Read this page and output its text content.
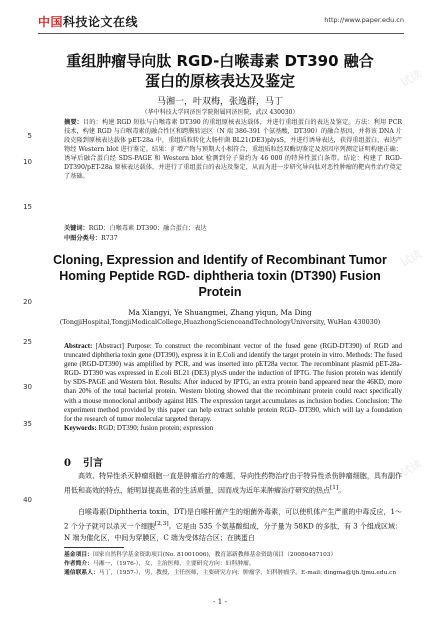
试读
试读
试读
中国科技论文在线	http://www.paper.edu.cn
5
10
15
20
25
30
35
40
重组肿瘤导向肽 RGD-白喉毒素 DT390 融合
蛋白的原核表达及鉴定
马湘一，叶双梅，张逸群，马丁
（华中科技大学同济医学院附属同济医院，武汉 430030）
摘要：目的：构建 RGD 短肽与白喉毒素 DT390 的重组原核表达载体，并进行重组蛋白的表达及鉴定。方法：利用 PCR 技术，构建 RGD 与白喉毒素的融合性区和跨膜转运区（N 端 386-391 个氨基酸，DT390）的融合基因，并将该 DNA 片段克隆到原核表达载体 pET-28a 中，重组质粒转化大肠杆菌 BL21(DE3)plysS，并进行诱导表达，获得重组蛋白，表达产物经 Western blot 进行鉴定。结果：扩增产物与预期大小相符合，重组质粒经双酶切鉴定及基因序列测定证明构建正确；诱导后融合蛋白经 SDS-PAGE 和 Western blot 检测到分子量约为 46 000 的特异性蛋白条带。结论：构建了 RGD-DT390/pET-28a 原核表达载体，并进行了重组蛋白的表达及鉴定，从而为进一步研究导向肽对恶性肿瘤的靶向性治疗奠定了基础。
关键词：RGD；白喉毒素 DT390；融合蛋白；表达
中图分类号：R737
Cloning, Expression and Identify of Recombinant Tumor
Homing Peptide RGD- diphtheria toxin (DT390) Fusion
Protein
Ma Xiangyi, Ye Shuangmei, Zhang yiqun, Ma Ding
(TongjiHospital,TongjiMedicalCollege,HuazhongScienceandTechnologyUniversity, WuHan 430030)
Abstract: [Abstract] Purpose: To construct the recombinant vector of the fused gene (RGD-DT390) of RGD and truncated diphtheria toxin gene (DT390), express it in E.Coli and identify the target protein in vitro. Methods: The fused gene (RGD-DT390) was amplified by PCR, and was inserted into pET28a vector. The recombinant plasmid pET-28a- RGD- DT390 was expressed in E.coli BL21 (DE3) plysS under the induction of IPTG. The fusion protein was identify by SDS-PAGE and Western blot. Results: After induced by IPTG, an extra protein band appeared near the 46KD, more than 20% of the total bacterial protein. Western bloting showed that the recombinant protein could react specifically with a mouse monoclonal antibody against HIS. The expression target accumulates as inclusion bodies. Conclusion: The experiment method provided by this paper can help extract soluble protein RGD- DT390, which will lay a foundation for the research of tumor molecular targeted therapy.
Keywords: RGD; DT390; fusion protein; expression
0 引言
高效、特异性杀灭肿瘤细胞一直是肿瘤治疗的难题，导向性药物治疗由于特异性杀伤肿瘤细胞，具有副作用低和高效的特点，能明显提高患者的生活质量，因而成为近年来肿瘤治疗研究的热点[1]。
白喉毒素(Diphtheria toxin，DT)是白喉杆菌产生的细菌外毒素，可以使机体产生严重的中毒反应，1～2 个分子就可以杀灭一个细胞[2,3]。它是由 535 个氨基酸组成，分子量为 58KD 的多肽，有 3 个组成区域：N 端为催化区，中间为穿膜区，C 端为受体结合区；在胰蛋白
基金项目：国家自然科学基金资助项目(No. 81001006)，教育部新教师基金资助项目（20080487103）
作者简介：马湘一，（1976-），女，主治医师，主要研究方向：妇科肿瘤。
通信联系人：马丁，（1957-），男，教授，主任医师，主要研究方向：肿瘤学、妇科肿瘤学。E-mail: dingma@tjh.tjmu.edu.cn
- 1 -
